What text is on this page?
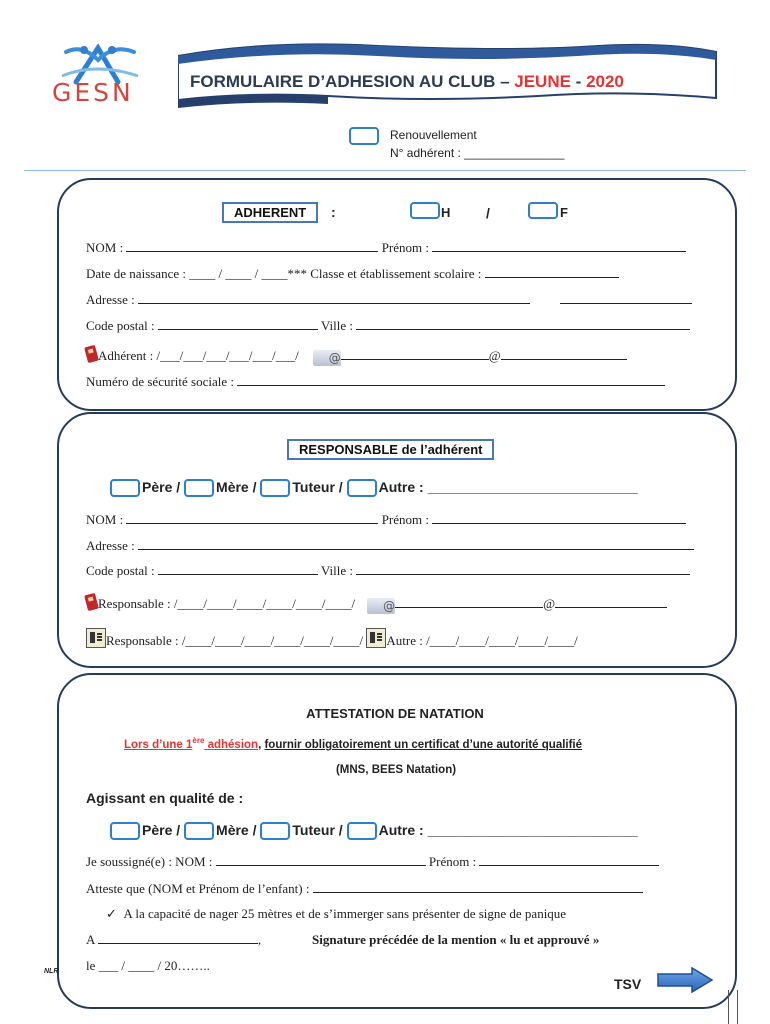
GESN	FORMULAIRE D’ADHESION AU CLUB – JEUNE - 2020
Renouvellement
N° adhérent : _______________
ADHERENT	:	H	/	F
NOM :	Prénom :
Date de naissance : ____ / ____ / ____*** Classe et établissement scolaire :
Adresse :
Code postal :	Ville :
Adhérent : /___/___/___/___/___/___/	@	@
Numéro de sécurité sociale :
RESPONSABLE de l’adhérent
Père /	Mère /	Tuteur /	Autre : ___________________________
NOM :	Prénom :
Adresse :
Code postal :	Ville :
Responsable : /____/____/____/____/____/____/ @	@
Responsable : /____/____/____/____/____/____/ Autre : /____/____/____/____/____/
ATTESTATION DE NATATION
Lors d’une 1ère adhésion, fournir obligatoirement un certificat d’une autorité qualifié
(MNS, BEES Natation)
Agissant en qualité de :
Père /	Mère /	Tuteur /	Autre : ___________________________
Je soussigné(e) : NOM :	Prénom :
Atteste que (NOM et Prénom de l’enfant) :
✓ A la capacité de nager 25 mètres et de s’immerger sans présenter de signe de panique
A	,	Signature précédée de la mention « lu et approuvé »
le ___ / ____ / 20……..
NLR
TSV
